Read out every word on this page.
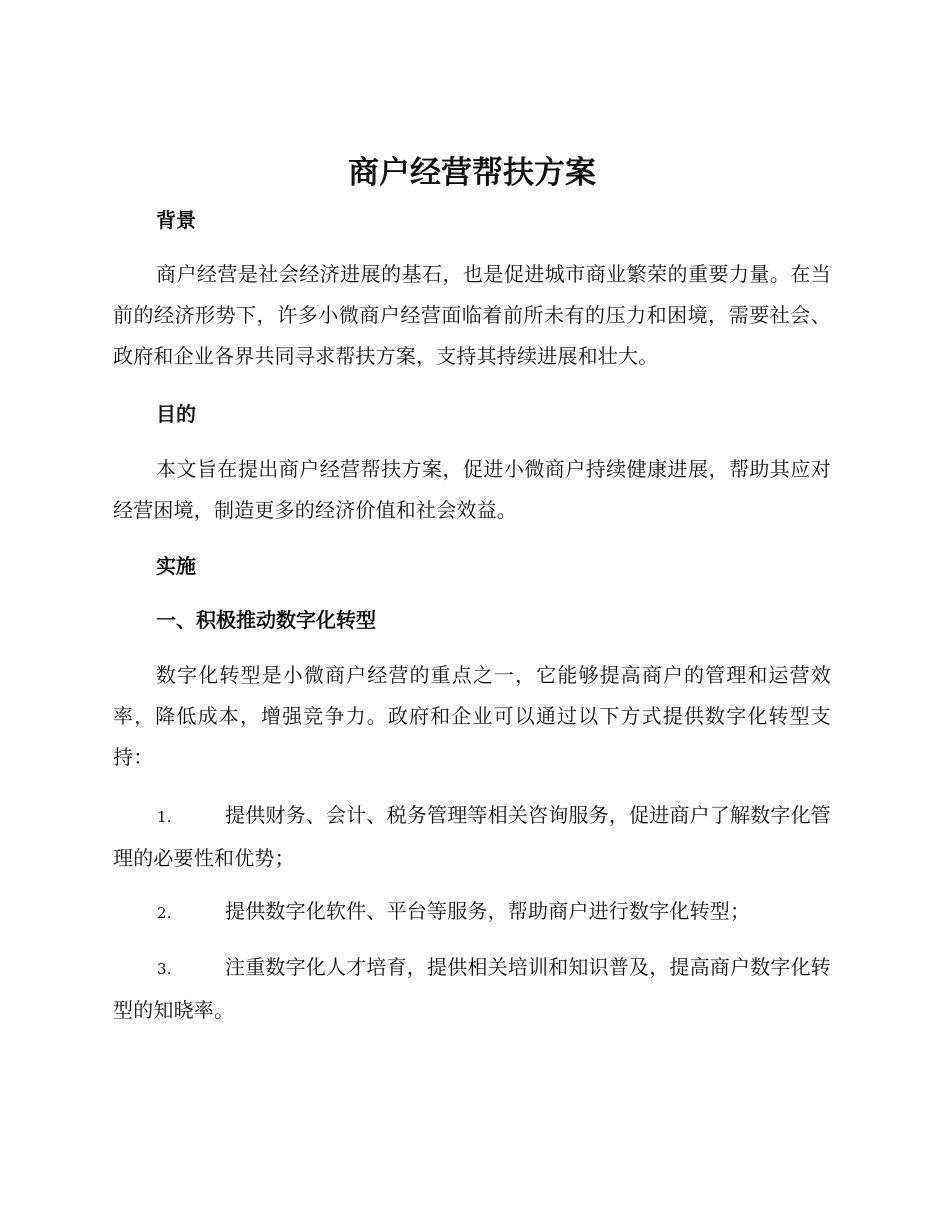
商户经营帮扶方案
背景

商户经营是社会经济进展的基石，也是促进城市商业繁荣的重要力量。在当前的经济形势下，许多小微商户经营面临着前所未有的压力和困境，需要社会、政府和企业各界共同寻求帮扶方案，支持其持续进展和壮大。

目的

本文旨在提出商户经营帮扶方案，促进小微商户持续健康进展，帮助其应对经营困境，制造更多的经济价值和社会效益。

实施
一、积极推动数字化转型

数字化转型是小微商户经营的重点之一，它能够提高商户的管理和运营效率，降低成本，增强竞争力。政府和企业可以通过以下方式提供数字化转型支持：

1.	提供财务、会计、税务管理等相关咨询服务，促进商户了解数字化管理的必要性和优势；

2.	提供数字化软件、平台等服务，帮助商户进行数字化转型；

3.	注重数字化人才培育，提供相关培训和知识普及，提高商户数字化转型的知晓率。
